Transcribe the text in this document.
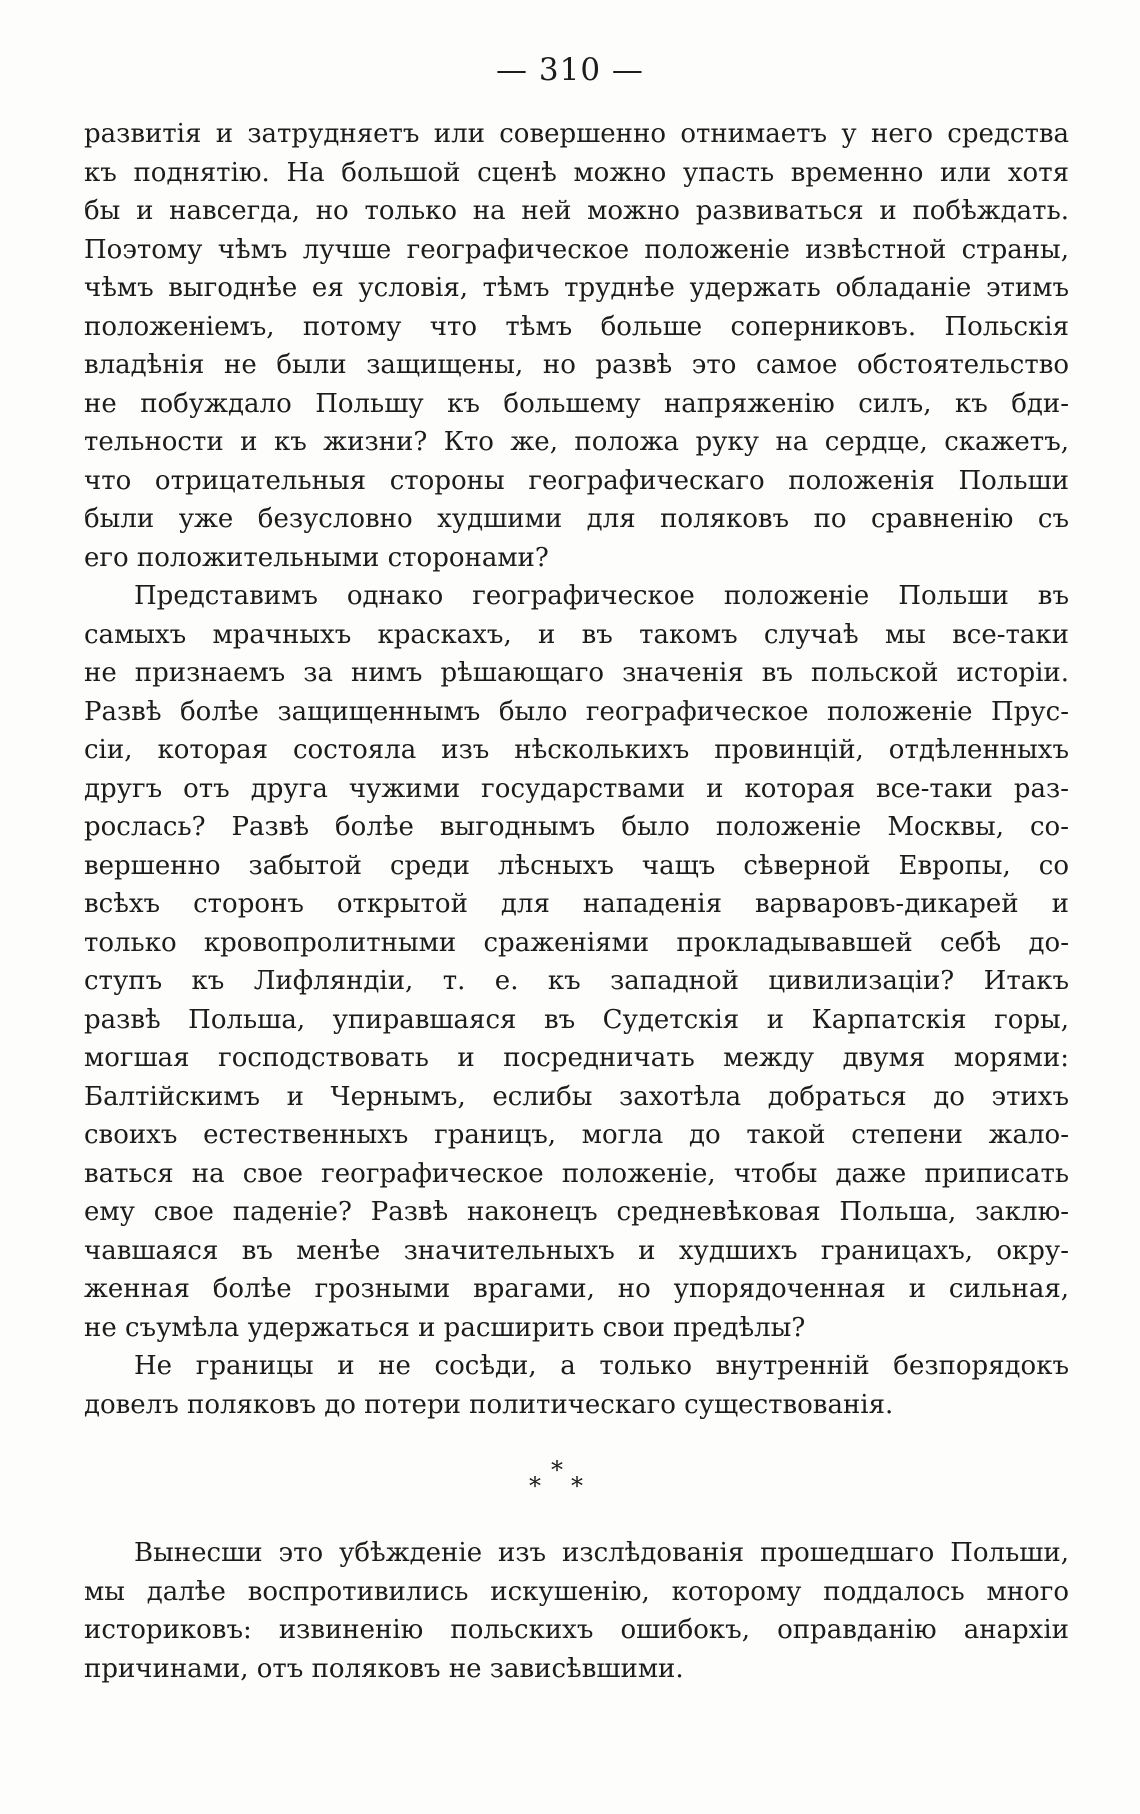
— 310 —
развитія и затрудняетъ или совершенно отнимаетъ у него средства
къ поднятію. На большой сценѣ можно упасть временно или хотя
бы и навсегда, но только на ней можно развиваться и побѣждать.
Поэтому чѣмъ лучше географическое положеніе извѣстной страны,
чѣмъ выгоднѣе ея условія, тѣмъ труднѣе удержать обладаніе этимъ
положеніемъ, потому что тѣмъ больше соперниковъ. Польскія
владѣнія не были защищены, но развѣ это самое обстоятельство
не побуждало Польшу къ большему напряженію силъ, къ бди-
тельности и къ жизни? Кто же, положа руку на сердце, скажетъ,
что отрицательныя стороны географическаго положенія Польши
были уже безусловно худшими для поляковъ по сравненію съ
его положительными сторонами?
Представимъ однако географическое положеніе Польши въ
самыхъ мрачныхъ краскахъ, и въ такомъ случаѣ мы все-таки
не признаемъ за нимъ рѣшающаго значенія въ польской исторіи.
Развѣ болѣе защищеннымъ было географическое положеніе Прус-
сіи, которая состояла изъ нѣсколькихъ провинцій, отдѣленныхъ
другъ отъ друга чужими государствами и которая все-таки раз-
рослась? Развѣ болѣе выгоднымъ было положеніе Москвы, со-
вершенно забытой среди лѣсныхъ чащъ сѣверной Европы, со
всѣхъ сторонъ открытой для нападенія варваровъ-дикарей и
только кровопролитными сраженіями прокладывавшей себѣ до-
ступъ къ Лифляндіи, т. е. къ западной цивилизаціи? Итакъ
развѣ Польша, упиравшаяся въ Судетскія и Карпатскія горы,
могшая господствовать и посредничать между двумя морями:
Балтійскимъ и Чернымъ, еслибы захотѣла добраться до этихъ
своихъ естественныхъ границъ, могла до такой степени жало-
ваться на свое географическое положеніе, чтобы даже приписать
ему свое паденіе? Развѣ наконецъ средневѣковая Польша, заклю-
чавшаяся въ менѣе значительныхъ и худшихъ границахъ, окру-
женная болѣе грозными врагами, но упорядоченная и сильная,
не съумѣла удержаться и расширить свои предѣлы?
Не границы и не сосѣди, а только внутренній безпорядокъ
довелъ поляковъ до потери политическаго существованія.
*
* *
Вынесши это убѣжденіе изъ изслѣдованія прошедшаго Польши,
мы далѣе воспротивились искушенію, которому поддалось много
историковъ: извиненію польскихъ ошибокъ, оправданію анархіи
причинами, отъ поляковъ не зависѣвшими.
